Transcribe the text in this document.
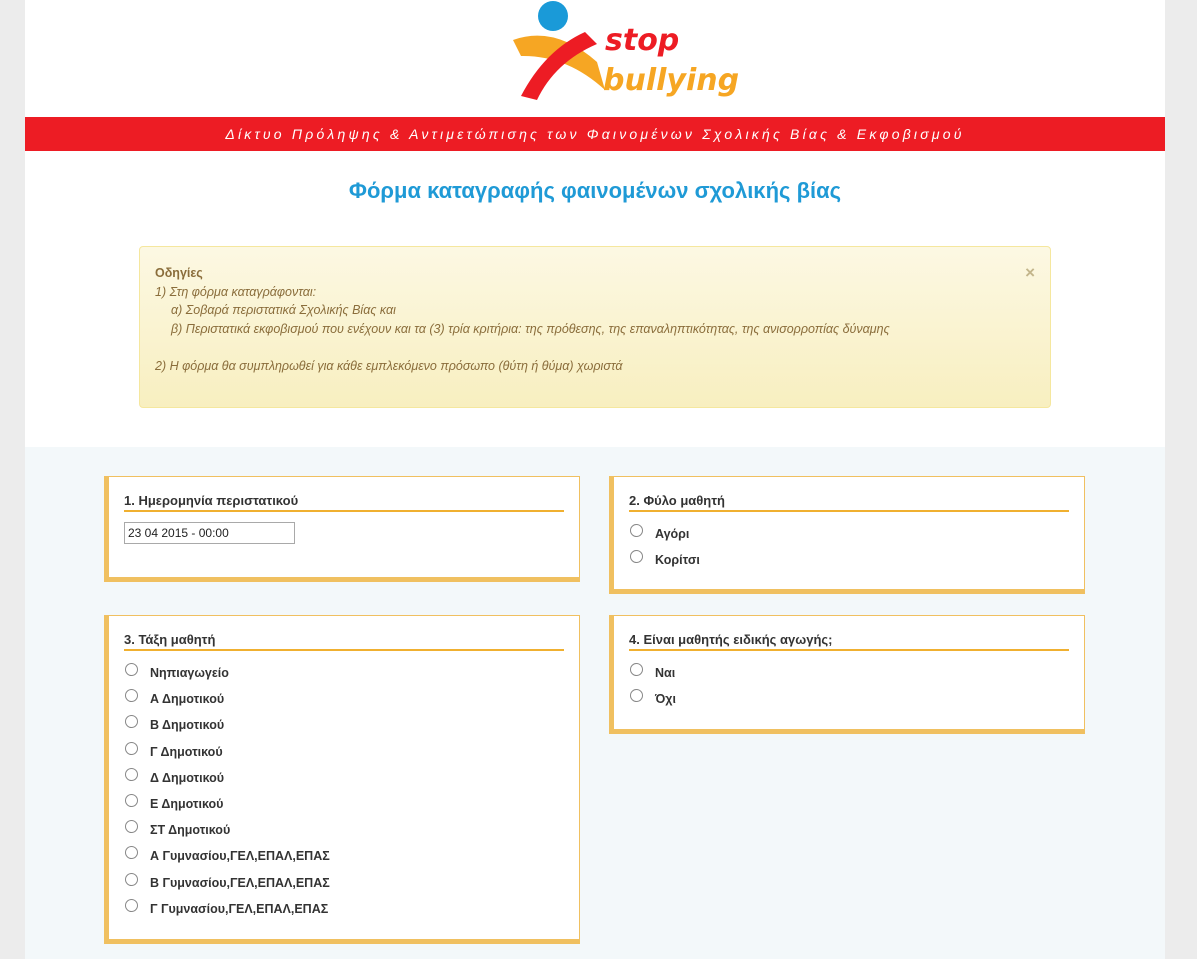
stop
bullying
Δίκτυο Πρόληψης & Αντιμετώπισης των Φαινομένων Σχολικής Βίας & Εκφοβισμού
Φόρμα καταγραφής φαινομένων σχολικής βίας
×
Οδηγίες
1) Στη φόρμα καταγράφονται:
α) Σοβαρά περιστατικά Σχολικής Βίας και
β) Περιστατικά εκφοβισμού που ενέχουν και τα (3) τρία κριτήρια: της πρόθεσης, της επαναληπτικότητας, της ανισορροπίας δύναμης
2) Η φόρμα θα συμπληρωθεί για κάθε εμπλεκόμενο πρόσωπο (θύτη ή θύμα) χωριστά
1. Ημερομηνία περιστατικού
23 04 2015 - 00:00	2. Φύλο μαθητή
Αγόρι
Κορίτσι
3. Τάξη μαθητή
Νηπιαγωγείο
Α Δημοτικού
Β Δημοτικού
Γ Δημοτικού
Δ Δημοτικού
Ε Δημοτικού
ΣΤ Δημοτικού
Α Γυμνασίου,ΓΕΛ,ΕΠΑΛ,ΕΠΑΣ
Β Γυμνασίου,ΓΕΛ,ΕΠΑΛ,ΕΠΑΣ
Γ Γυμνασίου,ΓΕΛ,ΕΠΑΛ,ΕΠΑΣ
4. Είναι μαθητής ειδικής αγωγής;
Ναι
Όχι
